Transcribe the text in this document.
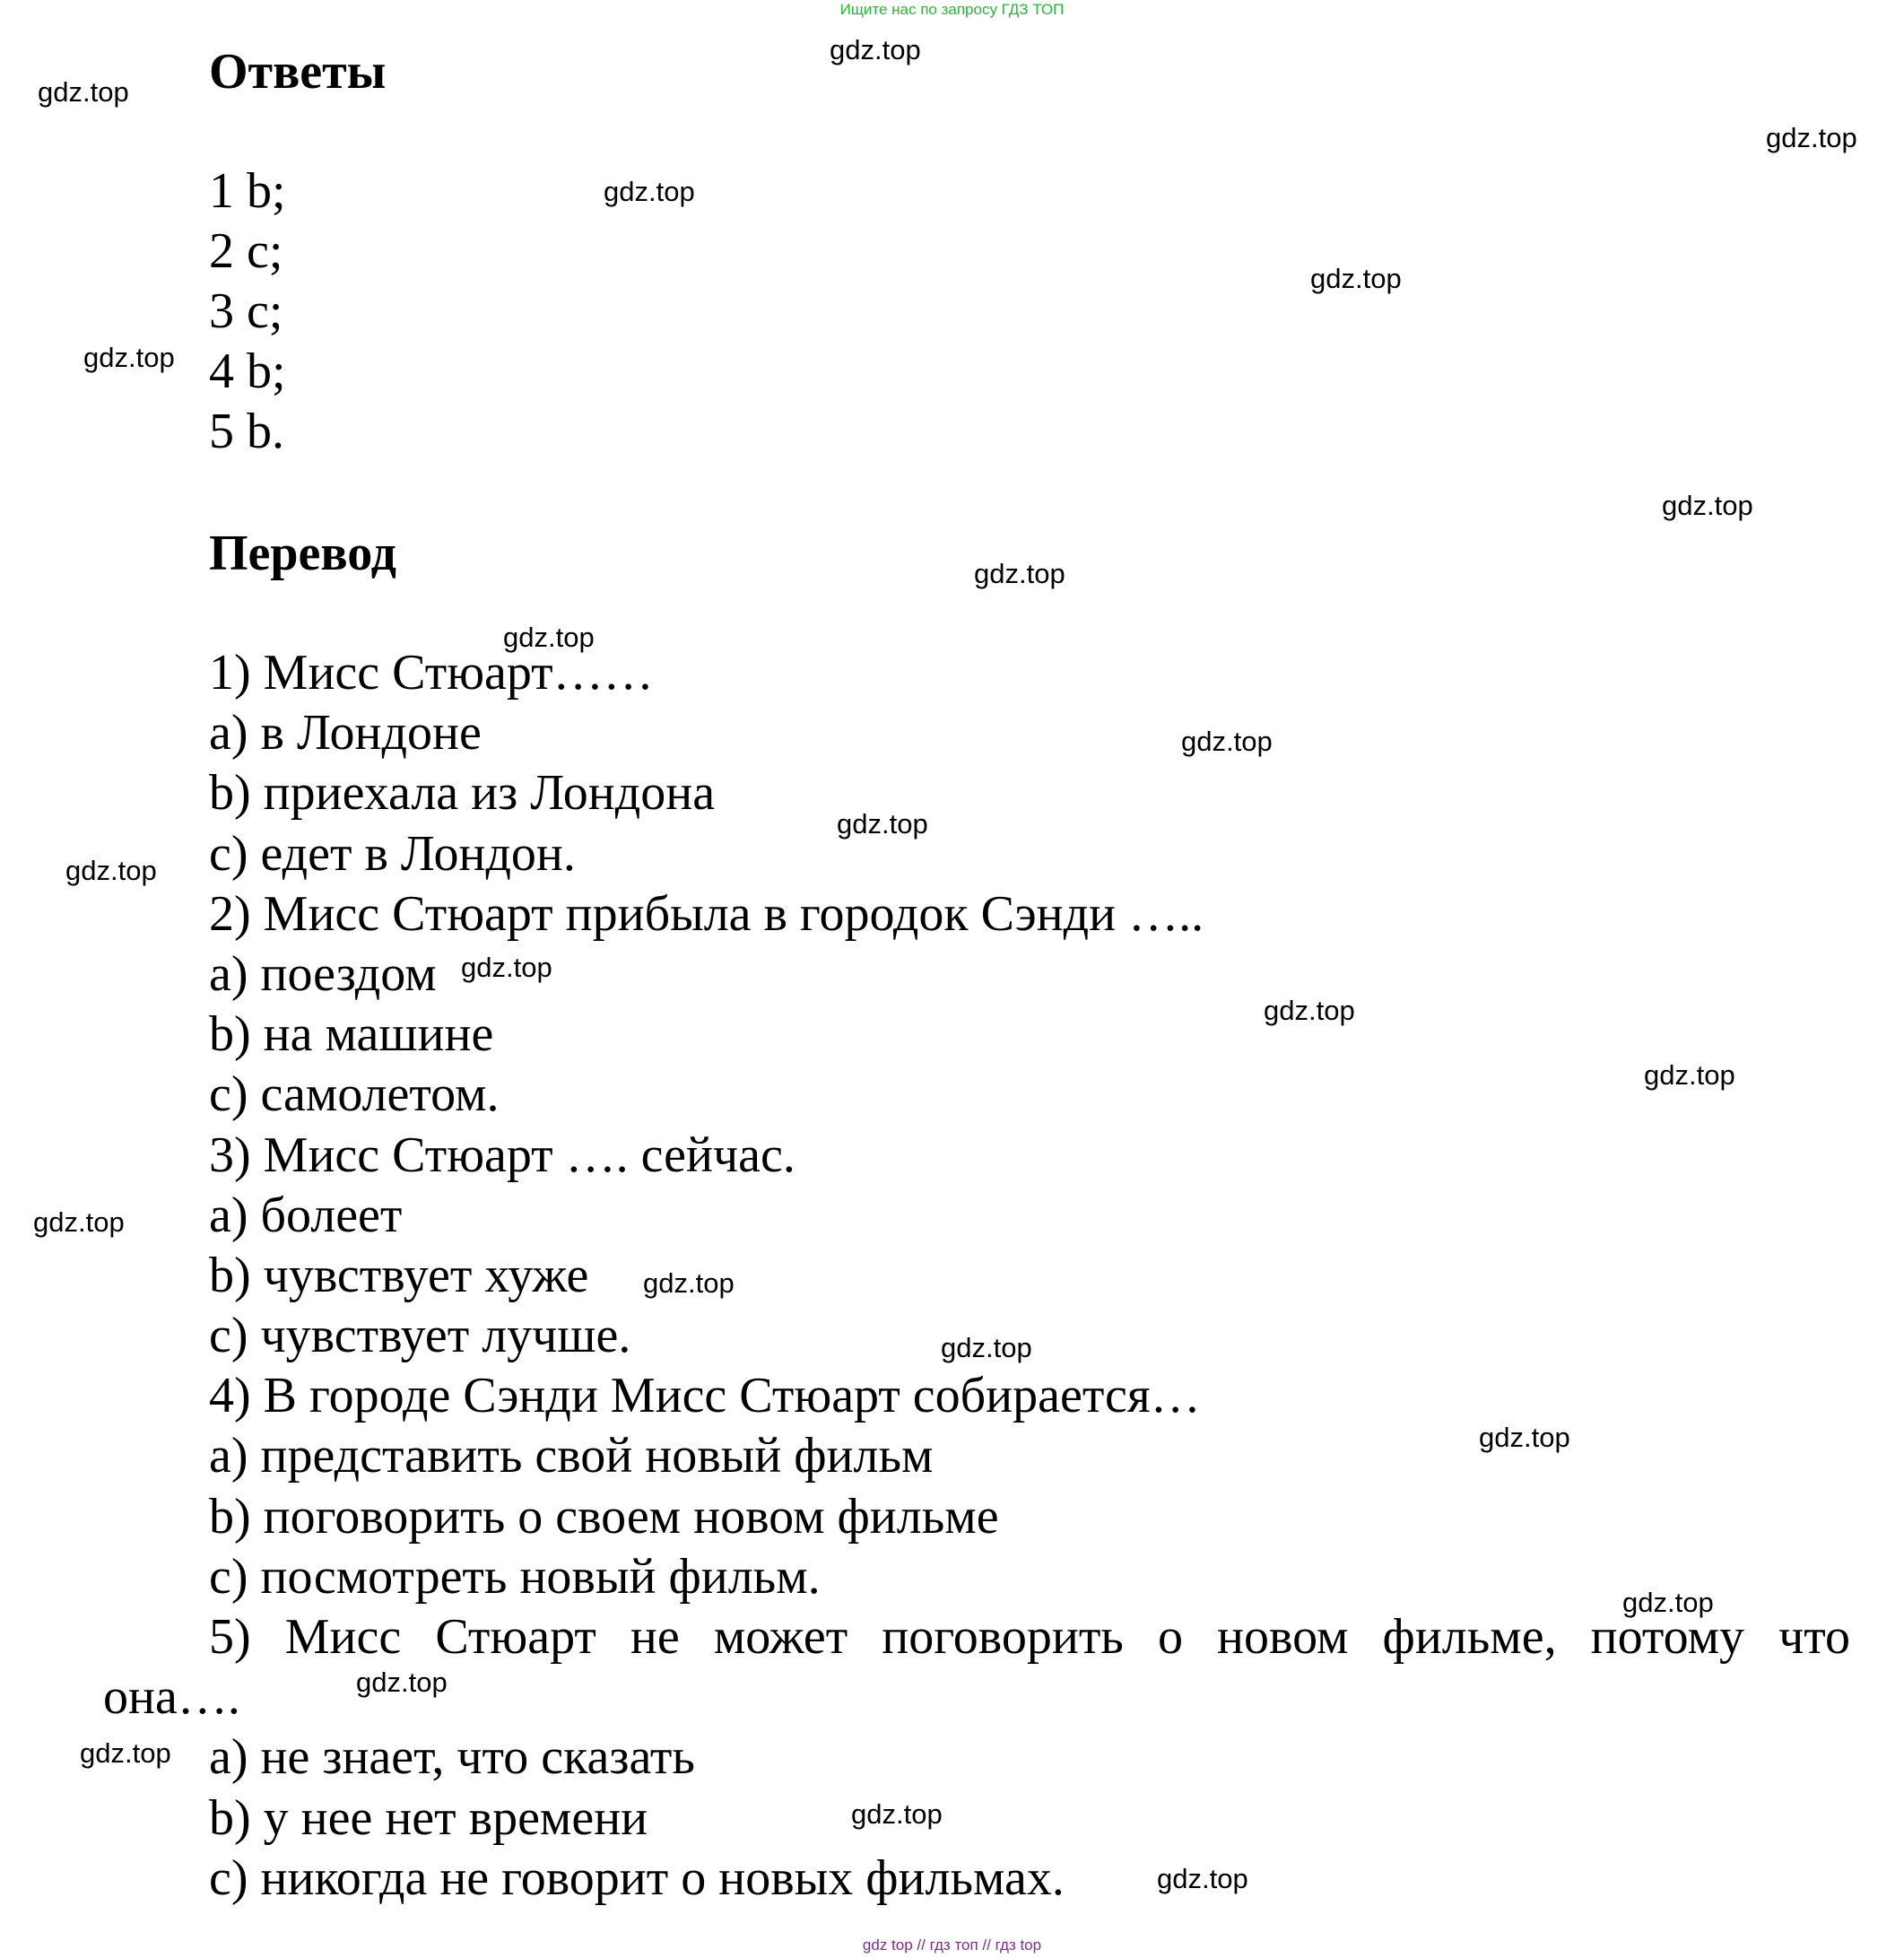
Ищите нас по запросу ГДЗ ТОП
Ответы
1 b;
2 c;
3 c;
4 b;
5 b.
Перевод
1) Мисс Стюарт……
a) в Лондоне
b) приехала из Лондона
c) едет в Лондон.
2) Мисс Стюарт прибыла в городок Сэнди …..
a) поездом
b) на машине
c) самолетом.
3) Мисс Стюарт …. сейчас.
a) болеет
b) чувствует хуже
c) чувствует лучше.
4) В городе Сэнди Мисс Стюарт собирается…
a) представить свой новый фильм
b) поговорить о своем новом фильме
c) посмотреть новый фильм.
5) Мисс Стюарт не может поговорить о новом фильме, потому что
она….
a) не знает, что сказать
b) у нее нет времени
c) никогда не говорит о новых фильмах.
gdz.top
gdz.top
gdz.top
gdz.top
gdz.top
gdz.top
gdz.top
gdz.top
gdz.top
gdz.top
gdz.top
gdz.top
gdz.top
gdz.top
gdz.top
gdz.top
gdz.top
gdz.top
gdz.top
gdz.top
gdz.top
gdz.top
gdz.top
gdz.top
gdz top // гдз топ // гдз top
